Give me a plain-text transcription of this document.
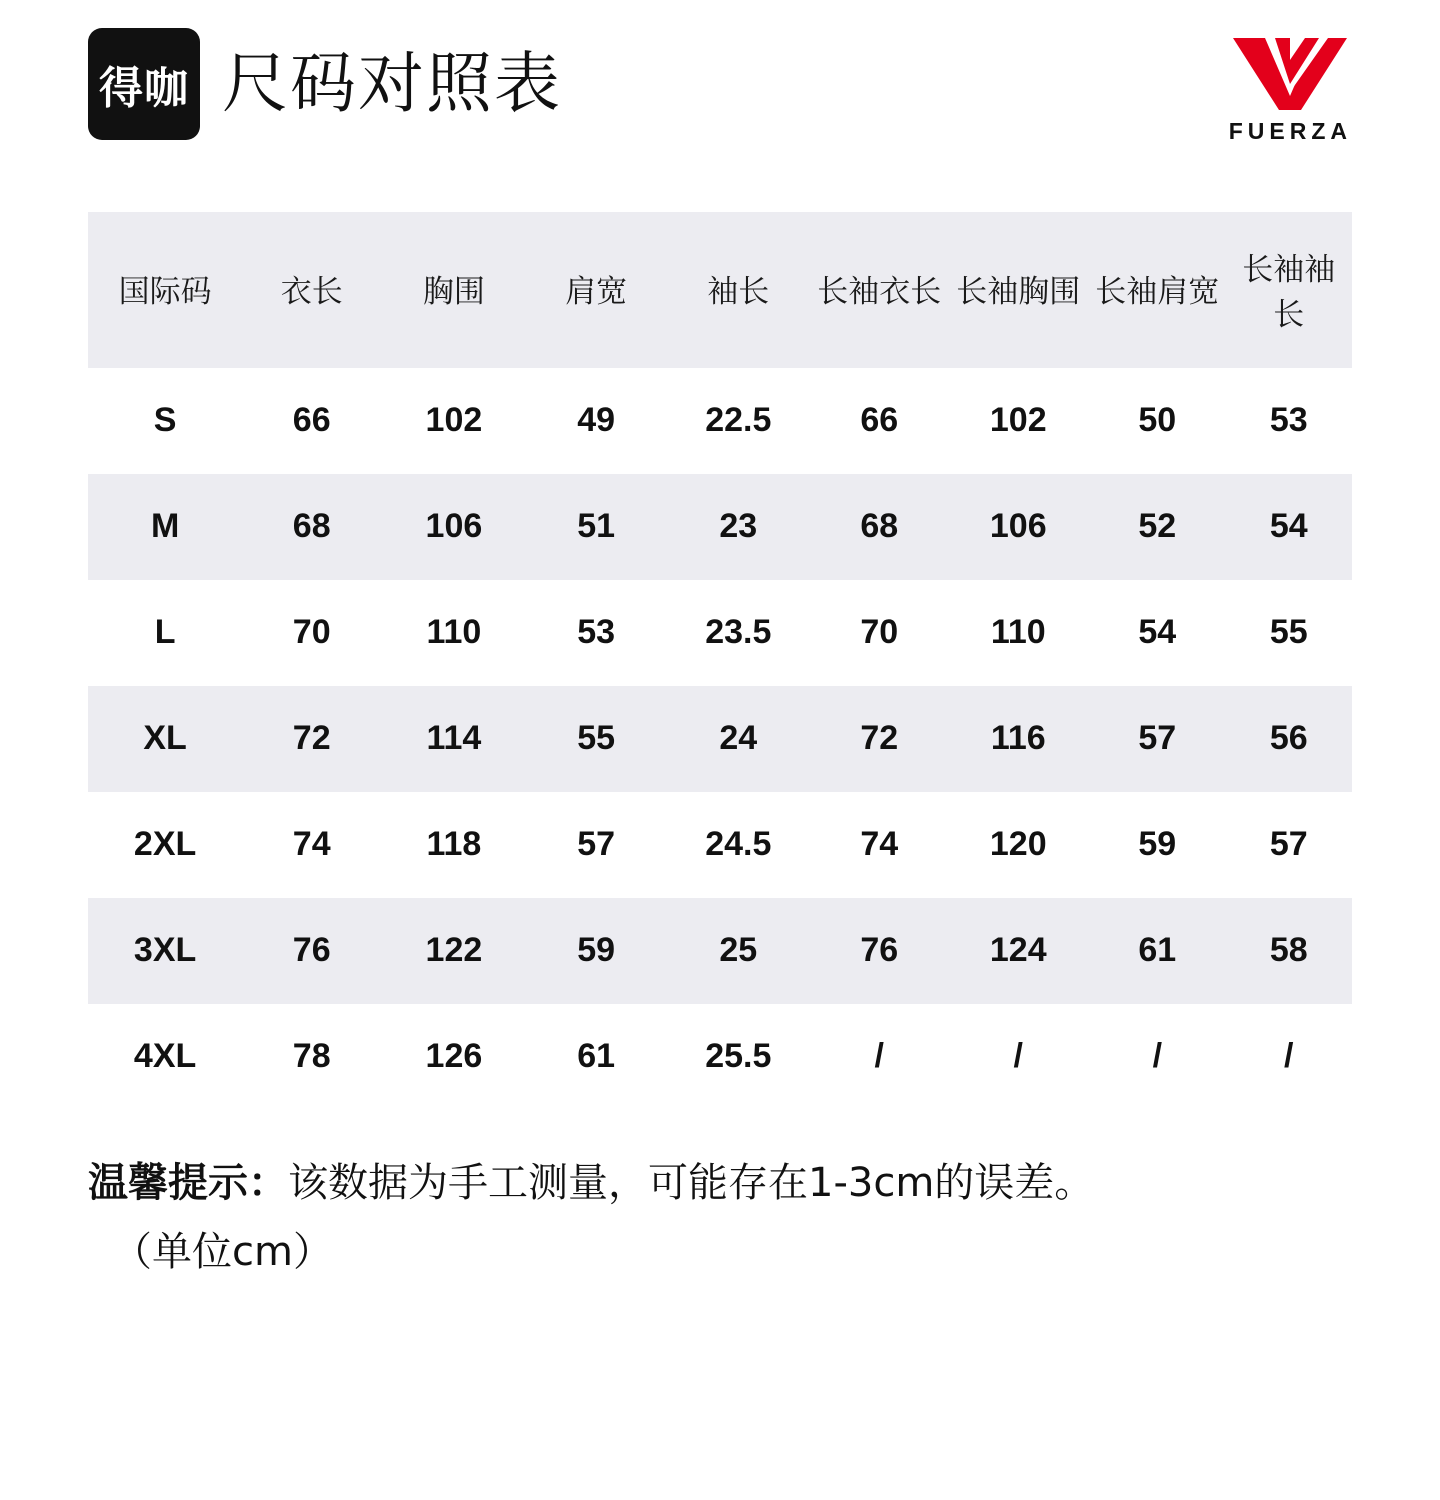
得咖 尺码对照表
FUERZA
国际码	衣长	胸围	肩宽	袖长	长袖衣长	长袖胸围	长袖肩宽	长袖袖长
S	66	102	49	22.5	66	102	50	53
M	68	106	51	23	68	106	52	54
L	70	110	53	23.5	70	110	54	55
XL	72	114	55	24	72	116	57	56
2XL	74	118	57	24.5	74	120	59	57
3XL	76	122	59	25	76	124	61	58
4XL	78	126	61	25.5	/	/	/	/
温馨提示：该数据为手工测量，可能存在1-3cm的误差。
（单位cm）
